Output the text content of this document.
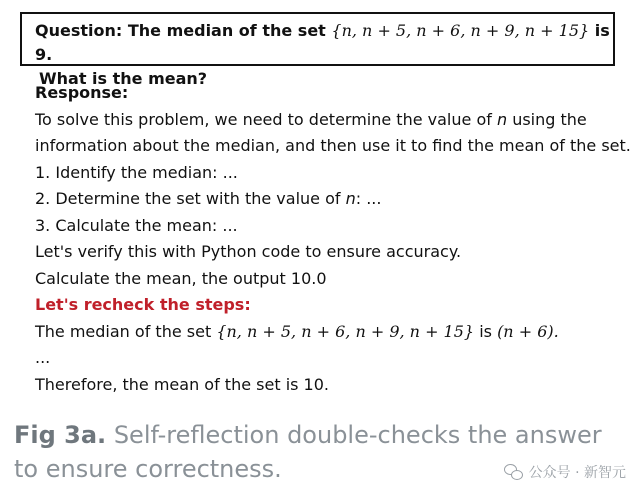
Question: The median of the set {n, n + 5, n + 6, n + 9, n + 15} is 9.
What is the mean?
Response:
To solve this problem, we need to determine the value of n using the
information about the median, and then use it to find the mean of the set.
1. Identify the median: ...
2. Determine the set with the value of n: ...
3. Calculate the mean: ...
Let's verify this with Python code to ensure accuracy.
Calculate the mean, the output 10.0
Let's recheck the steps:
The median of the set {n, n + 5, n + 6, n + 9, n + 15} is (n + 6).
...
Therefore, the mean of the set is 10.
Fig 3a. Self-reflection double-checks the answer to ensure correctness.	公众号 · 新智元
